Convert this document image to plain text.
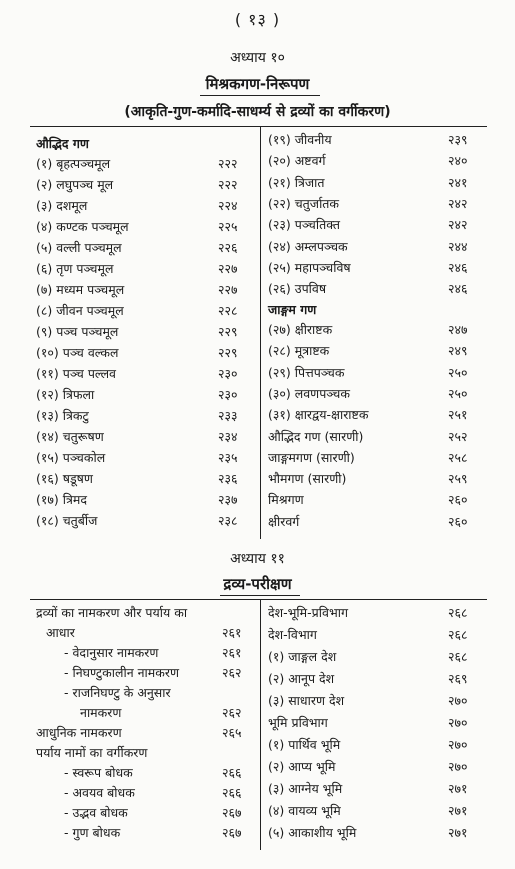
( १३ )
अध्याय १०
मिश्रकगण-निरूपण
(आकृति-गुण-कर्मादि-साधर्म्य से द्रव्यों का वर्गीकरण)
औद्भिद गण
(१) बृहत्पञ्चमूल	२२२
(२) लघुपञ्च मूल	२२२
(३) दशमूल	२२४
(४) कण्टक पञ्चमूल	२२५
(५) वल्ली पञ्चमूल	२२६
(६) तृण पञ्चमूल	२२७
(७) मध्यम पञ्चमूल	२२७
(८) जीवन पञ्चमूल	२२८
(९) पञ्च पञ्चमूल	२२९
(१०) पञ्च वल्कल	२२९
(११) पञ्च पल्लव	२३०
(१२) त्रिफला	२३०
(१३) त्रिकटु	२३३
(१४) चतुरूषण	२३४
(१५) पञ्चकोल	२३५
(१६) षडूषण	२३६
(१७) त्रिमद	२३७
(१८) चतुर्बीज	२३८
(१९) जीवनीय	२३९
(२०) अष्टवर्ग	२४०
(२१) त्रिजात	२४१
(२२) चतुर्जातक	२४२
(२३) पञ्चतिक्त	२४२
(२४) अम्लपञ्चक	२४४
(२५) महापञ्चविष	२४६
(२६) उपविष	२४६
जाङ्गम गण
(२७) क्षीराष्टक	२४७
(२८) मूत्राष्टक	२४९
(२९) पित्तपञ्चक	२५०
(३०) लवणपञ्चक	२५०
(३१) क्षारद्वय-क्षाराष्टक	२५१
औद्भिद गण (सारणी)	२५२
जाङ्गमगण (सारणी)	२५८
भौमगण (सारणी)	२५९
मिश्रगण	२६०
क्षीरवर्ग	२६०
अध्याय ११
द्रव्य-परीक्षण
द्रव्यों का नामकरण और पर्याय का
आधार	२६१
- वेदानुसार नामकरण	२६१
- निघण्टुकालीन नामकरण	२६२
- राजनिघण्टु के अनुसार
नामकरण	२६२
आधुनिक नामकरण	२६५
पर्याय नामों का वर्गीकरण
- स्वरूप बोधक	२६६
- अवयव बोधक	२६६
- उद्भव बोधक	२६७
- गुण बोधक	२६७
देश-भूमि-प्रविभाग	२६८
देश-विभाग	२६८
(१) जाङ्गल देश	२६८
(२) आनूप देश	२६९
(३) साधारण देश	२७०
भूमि प्रविभाग	२७०
(१) पार्थिव भूमि	२७०
(२) आप्य भूमि	२७०
(३) आग्नेय भूमि	२७१
(४) वायव्य भूमि	२७१
(५) आकाशीय भूमि	२७१
